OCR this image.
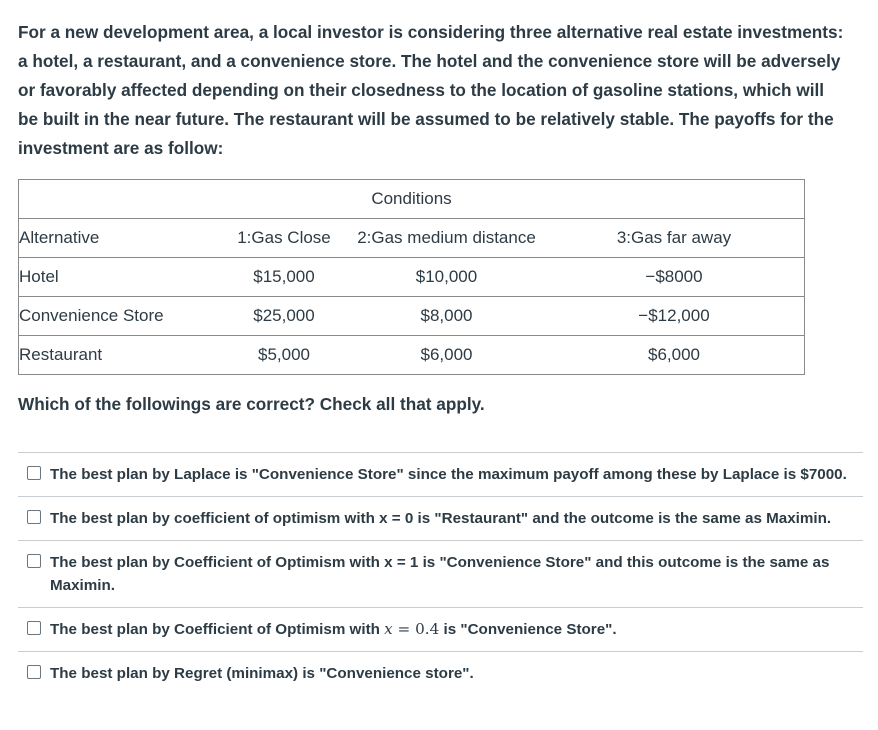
For a new development area, a local investor is considering three alternative real estate investments: a hotel, a restaurant, and a convenience store. The hotel and the convenience store will be adversely or favorably affected depending on their closedness to the location of gasoline stations, which will be built in the near future. The restaurant will be assumed to be relatively stable. The payoffs for the investment are as follow:
Conditions			
Alternative	1:Gas Close	2:Gas medium distance	3:Gas far away
Hotel	$15,000	$10,000	−$8000
Convenience Store	$25,000	$8,000	−$12,000
Restaurant	$5,000	$6,000	$6,000
Which of the followings are correct? Check all that apply.
The best plan by Laplace is "Convenience Store" since the maximum payoff among these by Laplace is $7000.
The best plan by coefficient of optimism with x = 0 is "Restaurant" and the outcome is the same as Maximin.
The best plan by Coefficient of Optimism with x = 1 is "Convenience Store" and this outcome is the same as Maximin.
The best plan by Coefficient of Optimism with x = 0.4 is "Convenience Store".
The best plan by Regret (minimax) is "Convenience store".
